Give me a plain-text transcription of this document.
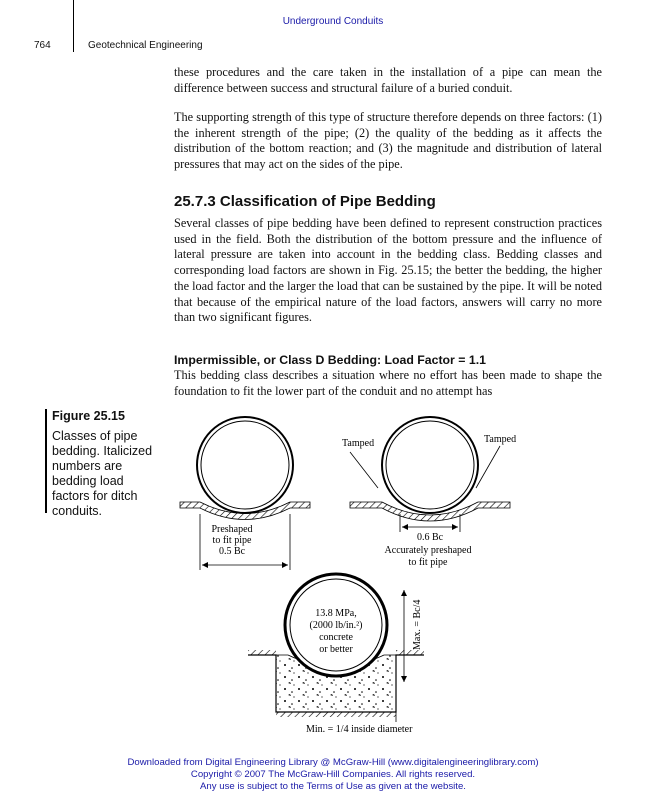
Underground Conduits
764	Geotechnical Engineering
these procedures and the care taken in the installation of a pipe can mean the difference between success and structural failure of a buried conduit.
The supporting strength of this type of structure therefore depends on three factors: (1) the inherent strength of the pipe; (2) the quality of the bedding as it affects the distribution of the bottom reaction; and (3) the magnitude and distribution of lateral pressures that may act on the sides of the pipe.
25.7.3 Classification of Pipe Bedding
Several classes of pipe bedding have been defined to represent construction practices used in the field. Both the distribution of the bottom pressure and the influence of lateral pressure are taken into account in the bedding class. Bedding classes and corresponding load factors are shown in Fig. 25.15; the better the bedding, the higher the load factor and the larger the load that can be sustained by the pipe. It will be noted that because of the empirical nature of the load factors, answers will carry no more than two significant figures.
Impermissible, or Class D Bedding: Load Factor = 1.1
This bedding class describes a situation where no effort has been made to shape the foundation to fit the lower part of the conduit and no attempt has
Figure 25.15
Classes of pipe bedding. Italicized numbers are bedding load factors for ditch conduits.
Preshaped
to fit pipe
0.5 Bc
Tamped	Tamped
0.6 Bc
Accurately preshaped
to fit pipe
13.8 MPa,
(2000 lb/in.²)
concrete
or better	Max. = Bc/4
Min. = 1/4 inside diameter
Downloaded from Digital Engineering Library @ McGraw-Hill (www.digitalengineeringlibrary.com)
Copyright © 2007 The McGraw-Hill Companies. All rights reserved.
Any use is subject to the Terms of Use as given at the website.
